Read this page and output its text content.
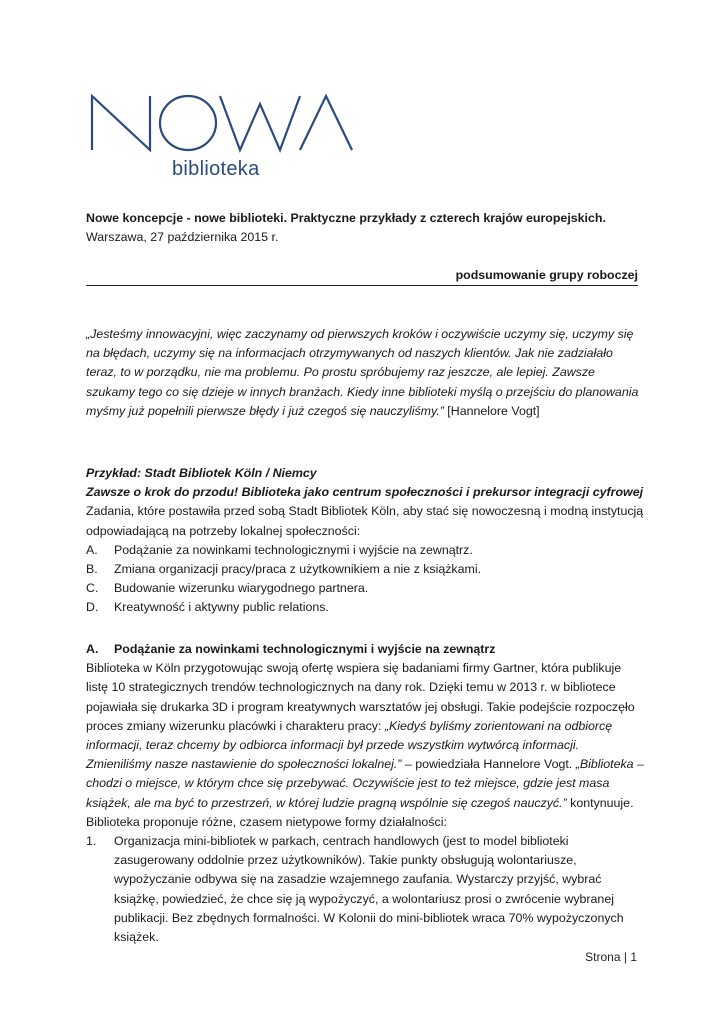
biblioteka
Nowe koncepcje - nowe biblioteki. Praktyczne przykłady z czterech krajów europejskich.
Warszawa, 27 października 2015 r.
podsumowanie grupy roboczej
„Jesteśmy innowacyjni, więc zaczynamy od pierwszych kroków i oczywiście uczymy się, uczymy się na błędach, uczymy się na informacjach otrzymywanych od naszych klientów. Jak nie zadziałało teraz, to w porządku, nie ma problemu. Po prostu spróbujemy raz jeszcze, ale lepiej. Zawsze szukamy tego co się dzieje w innych branżach. Kiedy inne biblioteki myślą o przejściu do planowania myśmy już popełnili pierwsze błędy i już czegoś się nauczyliśmy.” [Hannelore Vogt]
Przykład: Stadt Bibliotek Köln / Niemcy
Zawsze o krok do przodu! Biblioteka jako centrum społeczności i prekursor integracji cyfrowej
Zadania, które postawiła przed sobą Stadt Bibliotek Köln, aby stać się nowoczesną i modną instytucją odpowiadającą na potrzeby lokalnej społeczności:
A. Podążanie za nowinkami technologicznymi i wyjście na zewnątrz.
B. Zmiana organizacji pracy/praca z użytkownikiem a nie z książkami.
C. Budowanie wizerunku wiarygodnego partnera.
D. Kreatywność i aktywny public relations.
A. Podążanie za nowinkami technologicznymi i wyjście na zewnątrz
Biblioteka w Köln przygotowując swoją ofertę wspiera się badaniami firmy Gartner, która publikuje listę 10 strategicznych trendów technologicznych na dany rok. Dzięki temu w 2013 r. w bibliotece pojawiała się drukarka 3D i program kreatywnych warsztatów jej obsługi. Takie podejście rozpoczęło proces zmiany wizerunku placówki i charakteru pracy: „Kiedyś byliśmy zorientowani na odbiorcę informacji, teraz chcemy by odbiorca informacji był przede wszystkim wytwórcą informacji. Zmieniliśmy nasze nastawienie do społeczności lokalnej.” – powiedziała Hannelore Vogt. „Biblioteka – chodzi o miejsce, w którym chce się przebywać. Oczywiście jest to też miejsce, gdzie jest masa książek, ale ma być to przestrzeń, w której ludzie pragną wspólnie się czegoś nauczyć.” kontynuuje.
Biblioteka proponuje różne, czasem nietypowe formy działalności:
1. Organizacja mini-bibliotek w parkach, centrach handlowych (jest to model biblioteki zasugerowany oddolnie przez użytkowników). Takie punkty obsługują wolontariusze, wypożyczanie odbywa się na zasadzie wzajemnego zaufania. Wystarczy przyjść, wybrać książkę, powiedzieć, że chce się ją wypożyczyć, a wolontariusz prosi o zwrócenie wybranej publikacji. Bez zbędnych formalności. W Kolonii do mini-bibliotek wraca 70% wypożyczonych książek.
Strona | 1
